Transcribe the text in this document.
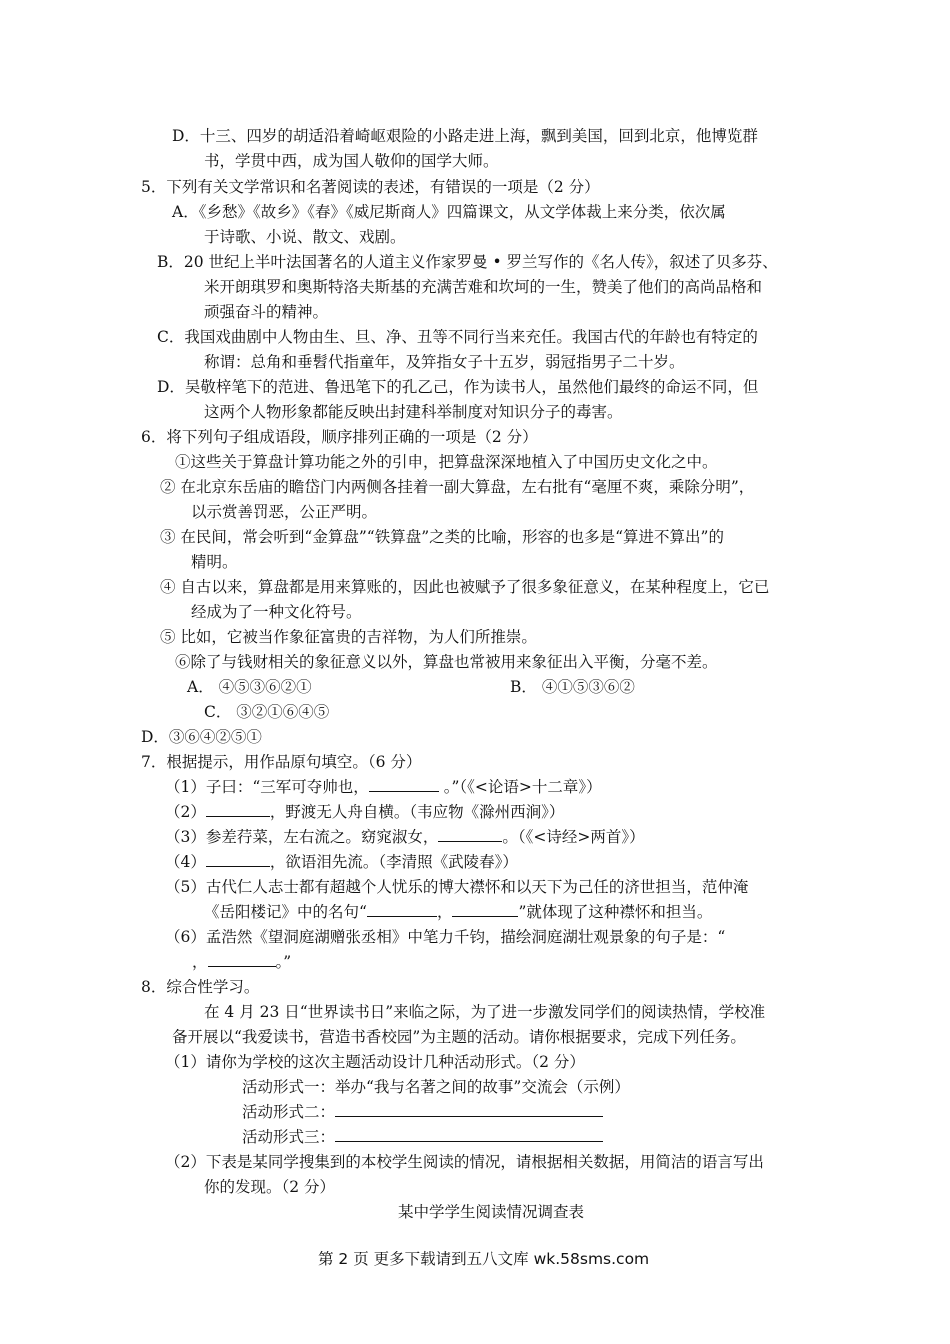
D．十三、四岁的胡适沿着崎岖艰险的小路走进上海，飘到美国，回到北京，他博览群
书，学贯中西，成为国人敬仰的国学大师。
5．下列有关文学常识和名著阅读的表述，有错误的一项是（2 分）
A．《乡愁》《故乡》《春》《威尼斯商人》四篇课文，从文学体裁上来分类，依次属
于诗歌、小说、散文、戏剧。
B．20 世纪上半叶法国著名的人道主义作家罗曼 • 罗兰写作的《名人传》，叙述了贝多芬、
米开朗琪罗和奥斯特洛夫斯基的充满苦难和坎坷的一生，赞美了他们的高尚品格和
顽强奋斗的精神。
C．我国戏曲剧中人物由生、旦、净、丑等不同行当来充任。我国古代的年龄也有特定的
称谓：总角和垂髫代指童年，及笄指女子十五岁，弱冠指男子二十岁。
D．吴敬梓笔下的范进、鲁迅笔下的孔乙己，作为读书人，虽然他们最终的命运不同，但
这两个人物形象都能反映出封建科举制度对知识分子的毒害。
6．将下列句子组成语段，顺序排列正确的一项是（2 分）
①这些关于算盘计算功能之外的引申，把算盘深深地植入了中国历史文化之中。
② 在北京东岳庙的瞻岱门内两侧各挂着一副大算盘，左右批有“毫厘不爽，乘除分明”，
以示赏善罚恶，公正严明。
③ 在民间，常会听到“金算盘”“铁算盘”之类的比喻，形容的也多是“算进不算出”的
精明。
④ 自古以来，算盘都是用来算账的，因此也被赋予了很多象征意义，在某种程度上，它已
经成为了一种文化符号。
⑤ 比如，它被当作象征富贵的吉祥物，为人们所推崇。
⑥除了与钱财相关的象征意义以外，算盘也常被用来象征出入平衡，分毫不差。
A． ④⑤③⑥②①	B． ④①⑤③⑥②
C． ③②①⑥④⑤
D．③⑥④②⑤①
7．根据提示，用作品原句填空。（6 分）
（1）子曰：“三军可夺帅也，	。”（《<论语>十二章》）
（2）	，野渡无人舟自横。（韦应物《滁州西涧》）
（3）参差荇菜，左右流之。窈窕淑女，	。（《<诗经>两首》）
（4）	，欲语泪先流。（李清照《武陵春》）
（5）古代仁人志士都有超越个人忧乐的博大襟怀和以天下为己任的济世担当，范仲淹
《岳阳楼记》中的名句“	，	”就体现了这种襟怀和担当。
（6）孟浩然《望洞庭湖赠张丞相》中笔力千钧，描绘洞庭湖壮观景象的句子是：“
，	。”
8．综合性学习。
在 4 月 23 日“世界读书日”来临之际，为了进一步激发同学们的阅读热情，学校准
备开展以“我爱读书，营造书香校园”为主题的活动。请你根据要求，完成下列任务。
（1）请你为学校的这次主题活动设计几种活动形式。（2 分）
活动形式一：举办“我与名著之间的故事”交流会（示例）
活动形式二：
活动形式三：
（2）下表是某同学搜集到的本校学生阅读的情况，请根据相关数据，用简洁的语言写出
你的发现。（2 分）
某中学学生阅读情况调查表
第 2 页 更多下载请到五八文库 wk.58sms.com
